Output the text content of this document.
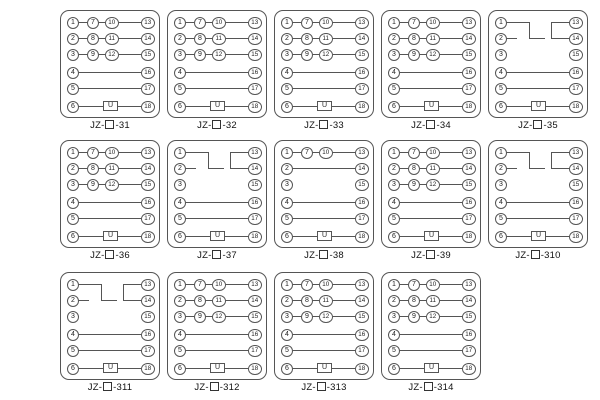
1
2
3
4
5
6
13
14
15
16
17
18
7
8
9
10
11
12
U
JZ- -31
1
2
3
4
5
6
13
14
15
16
17
18
7
8
9
10
11
12
U
JZ- -32
1
2
3
4
5
6
13
14
15
16
17
18
7
8
9
10
11
12
U
JZ- -33
1
2
3
4
5
6
13
14
15
16
17
18
7
8
9
10
11
12
U
JZ- -34
1
2
3
4
5
6
13
14
15
16
17
18
U
JZ- -35
1
2
3
4
5
6
13
14
15
16
17
18
7
8
9
10
11
12
U
JZ- -36
1
2
3
4
5
6
13
14
15
16
17
18
U
JZ- -37
1
2
3
4
5
6
13
14
15
16
17
18
7	10
U
JZ- -38
1
2
3
4
5
6
13
14
15
16
17
18
7
8
9
10
11
12
U
JZ- -39
1
2
3
4
5
6
13
14
15
16
17
18
U
JZ- -310
1
2
3
4
5
6
13
14
15
16
17
18
U
JZ- -311
1
2
3
4
5
6
13
14
15
16
17
18
7
8
9
10
11
12
U
JZ- -312
1
2
3
4
5
6
13
14
15
16
17
18
7
8
9
10
11
12
U
JZ- -313
1
2
3
4
5
6
13
14
15
16
17
18
7
8
9
10
11
12
U
JZ- -314
